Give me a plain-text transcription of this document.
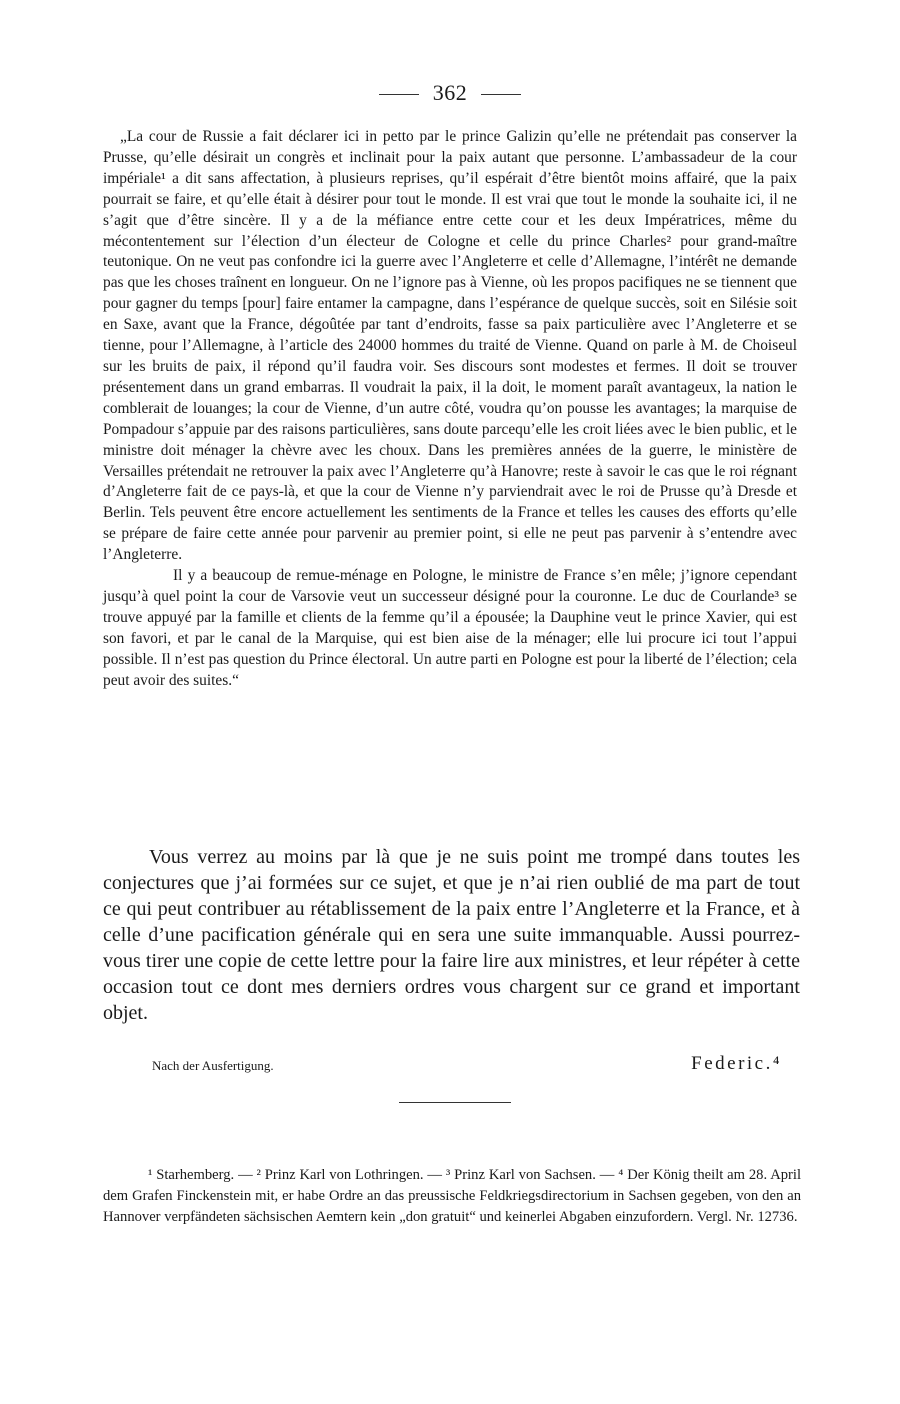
362

„La cour de Russie a fait déclarer ici in petto par le prince Galizin qu’elle ne prétendait pas conserver la Prusse, qu’elle désirait un congrès et inclinait pour la paix autant que personne. L’ambassadeur de la cour impériale¹ a dit sans affectation, à plusieurs reprises, qu’il espérait d’être bientôt moins affairé, que la paix pourrait se faire, et qu’elle était à désirer pour tout le monde. Il est vrai que tout le monde la souhaite ici, il ne s’agit que d’être sincère. Il y a de la méfiance entre cette cour et les deux Impératrices, même du mécontentement sur l’élection d’un électeur de Cologne et celle du prince Charles² pour grand-maître teutonique. On ne veut pas confondre ici la guerre avec l’Angleterre et celle d’Allemagne, l’intérêt ne demande pas que les choses traînent en longueur. On ne l’ignore pas à Vienne, où les propos pacifiques ne se tiennent que pour gagner du temps [pour] faire entamer la campagne, dans l’espérance de quelque succès, soit en Silésie soit en Saxe, avant que la France, dégoûtée par tant d’endroits, fasse sa paix particulière avec l’Angleterre et se tienne, pour l’Allemagne, à l’article des 24000 hommes du traité de Vienne. Quand on parle à M. de Choiseul sur les bruits de paix, il répond qu’il faudra voir. Ses discours sont modestes et fermes. Il doit se trouver présentement dans un grand embarras. Il voudrait la paix, il la doit, le moment paraît avantageux, la nation le comblerait de louanges; la cour de Vienne, d’un autre côté, voudra qu’on pousse les avantages; la marquise de Pompadour s’appuie par des raisons particulières, sans doute parcequ’elle les croit liées avec le bien public, et le ministre doit ménager la chèvre avec les choux. Dans les premières années de la guerre, le ministère de Versailles prétendait ne retrouver la paix avec l’Angleterre qu’à Hanovre; reste à savoir le cas que le roi régnant d’Angleterre fait de ce pays-là, et que la cour de Vienne n’y parviendrait avec le roi de Prusse qu’à Dresde et Berlin. Tels peuvent être encore actuellement les sentiments de la France et telles les causes des efforts qu’elle se prépare de faire cette année pour parvenir au premier point, si elle ne peut pas parvenir à s’entendre avec l’Angleterre.

Il y a beaucoup de remue-ménage en Pologne, le ministre de France s’en mêle; j’ignore cependant jusqu’à quel point la cour de Varsovie veut un successeur désigné pour la couronne. Le duc de Courlande³ se trouve appuyé par la famille et clients de la femme qu’il a épousée; la Dauphine veut le prince Xavier, qui est son favori, et par le canal de la Marquise, qui est bien aise de la ménager; elle lui procure ici tout l’appui possible. Il n’est pas question du Prince électoral. Un autre parti en Pologne est pour la liberté de l’élection; cela peut avoir des suites.“

Vous verrez au moins par là que je ne suis point me trompé dans toutes les conjectures que j’ai formées sur ce sujet, et que je n’ai rien oublié de ma part de tout ce qui peut contribuer au rétablissement de la paix entre l’Angleterre et la France, et à celle d’une pacification générale qui en sera une suite immanquable. Aussi pourrez-vous tirer une copie de cette lettre pour la faire lire aux ministres, et leur répéter à cette occasion tout ce dont mes derniers ordres vous chargent sur ce grand et important objet.
Nach der Ausfertigung.	Federic.⁴

¹ Starhemberg. — ² Prinz Karl von Lothringen. — ³ Prinz Karl von Sachsen. — ⁴ Der König theilt am 28. April dem Grafen Finckenstein mit, er habe Ordre an das preussische Feldkriegsdirectorium in Sachsen gegeben, von den an Hannover verpfändeten sächsischen Aemtern kein „don gratuit“ und keinerlei Abgaben einzufordern. Vergl. Nr. 12736.
